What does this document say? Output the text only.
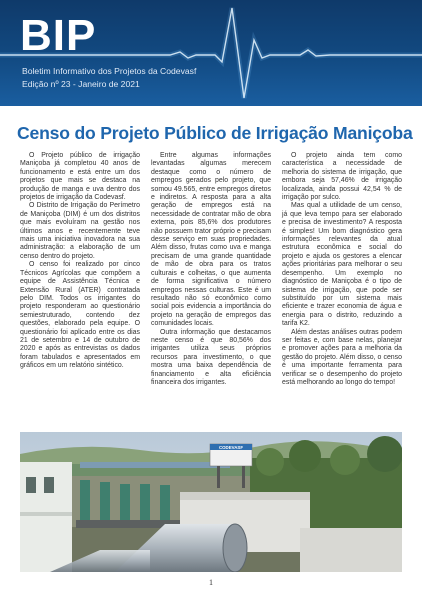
BIP
Boletim Informativo dos Projetos da Codevasf
Edição nº 23 - Janeiro de 2021
Censo do Projeto Público de Irrigação Maniçoba

O Projeto público de irrigação Maniçoba já completou 40 anos de funcionamento e está entre um dos projetos que mais se destaca na produção de manga e uva dentro dos projetos de irrigação da Codevasf.

O Distrito de Irrigação do Perímetro de Maniçoba (DIM) é um dos distritos que mais evoluíram na gestão nos últimos anos e recentemente teve mais uma iniciativa inovadora na sua administração: a elaboração de um censo dentro do projeto.

O censo foi realizado por cinco Técnicos Agrícolas que compõem a equipe de Assistência Técnica e Extensão Rural (ATER) contratada pelo DIM. Todos os irrigantes do projeto responderam ao questionário semiestruturado, contendo dez questões, elaborado pela equipe. O questionário foi aplicado entre os dias 21 de setembro e 14 de outubro de 2020 e após as entrevistas os dados foram tabulados e apresentados em gráficos em um relatório sintético.

Entre algumas informações levantadas algumas merecem destaque como o número de empregos gerados pelo projeto, que somou 49.565, entre empregos diretos e indiretos. A resposta para a alta geração de empregos está na necessidade de contratar mão de obra externa, pois 85,6% dos produtores não possuem trator próprio e precisam desse serviço em suas propriedades. Além disso, frutas como uva e manga precisam de uma grande quantidade de mão de obra para os tratos culturais e colheitas, o que aumenta de forma significativa o número empregos nessas culturas. Este é um resultado não só econômico como social pois evidencia a importância do projeto na geração de empregos das comunidades locais.

Outra informação que destacamos neste censo é que 80,56% dos irrigantes utiliza seus próprios recursos para investimento, o que mostra uma baixa dependência de financiamento e alta eficiência financeira dos irrigantes.

O projeto ainda tem como característica a necessidade de melhoria do sistema de irrigação, que embora seja 57,46% de irrigação localizada, ainda possui 42,54 % de irrigação por sulco.

Mas qual a utilidade de um censo, já que leva tempo para ser elaborado e precisa de investimento? A resposta é simples! Um bom diagnóstico gera informações relevantes da atual estrutura econômica e social do projeto e ajuda os gestores a elencar ações prioritárias para melhorar o seu desempenho. Um exemplo no diagnóstico de Maniçoba é o tipo de sistema de irrigação, que pode ser substituído por um sistema mais eficiente e trazer economia de água e energia para o distrito, reduzindo a tarifa K2.

Além destas análises outras podem ser feitas e, com base nelas, planejar e promover ações para a melhoria da gestão do projeto. Além disso, o censo é uma importante ferramenta para verificar se o desempenho do projeto está melhorando ao longo do tempo!

CODEVASF
1
